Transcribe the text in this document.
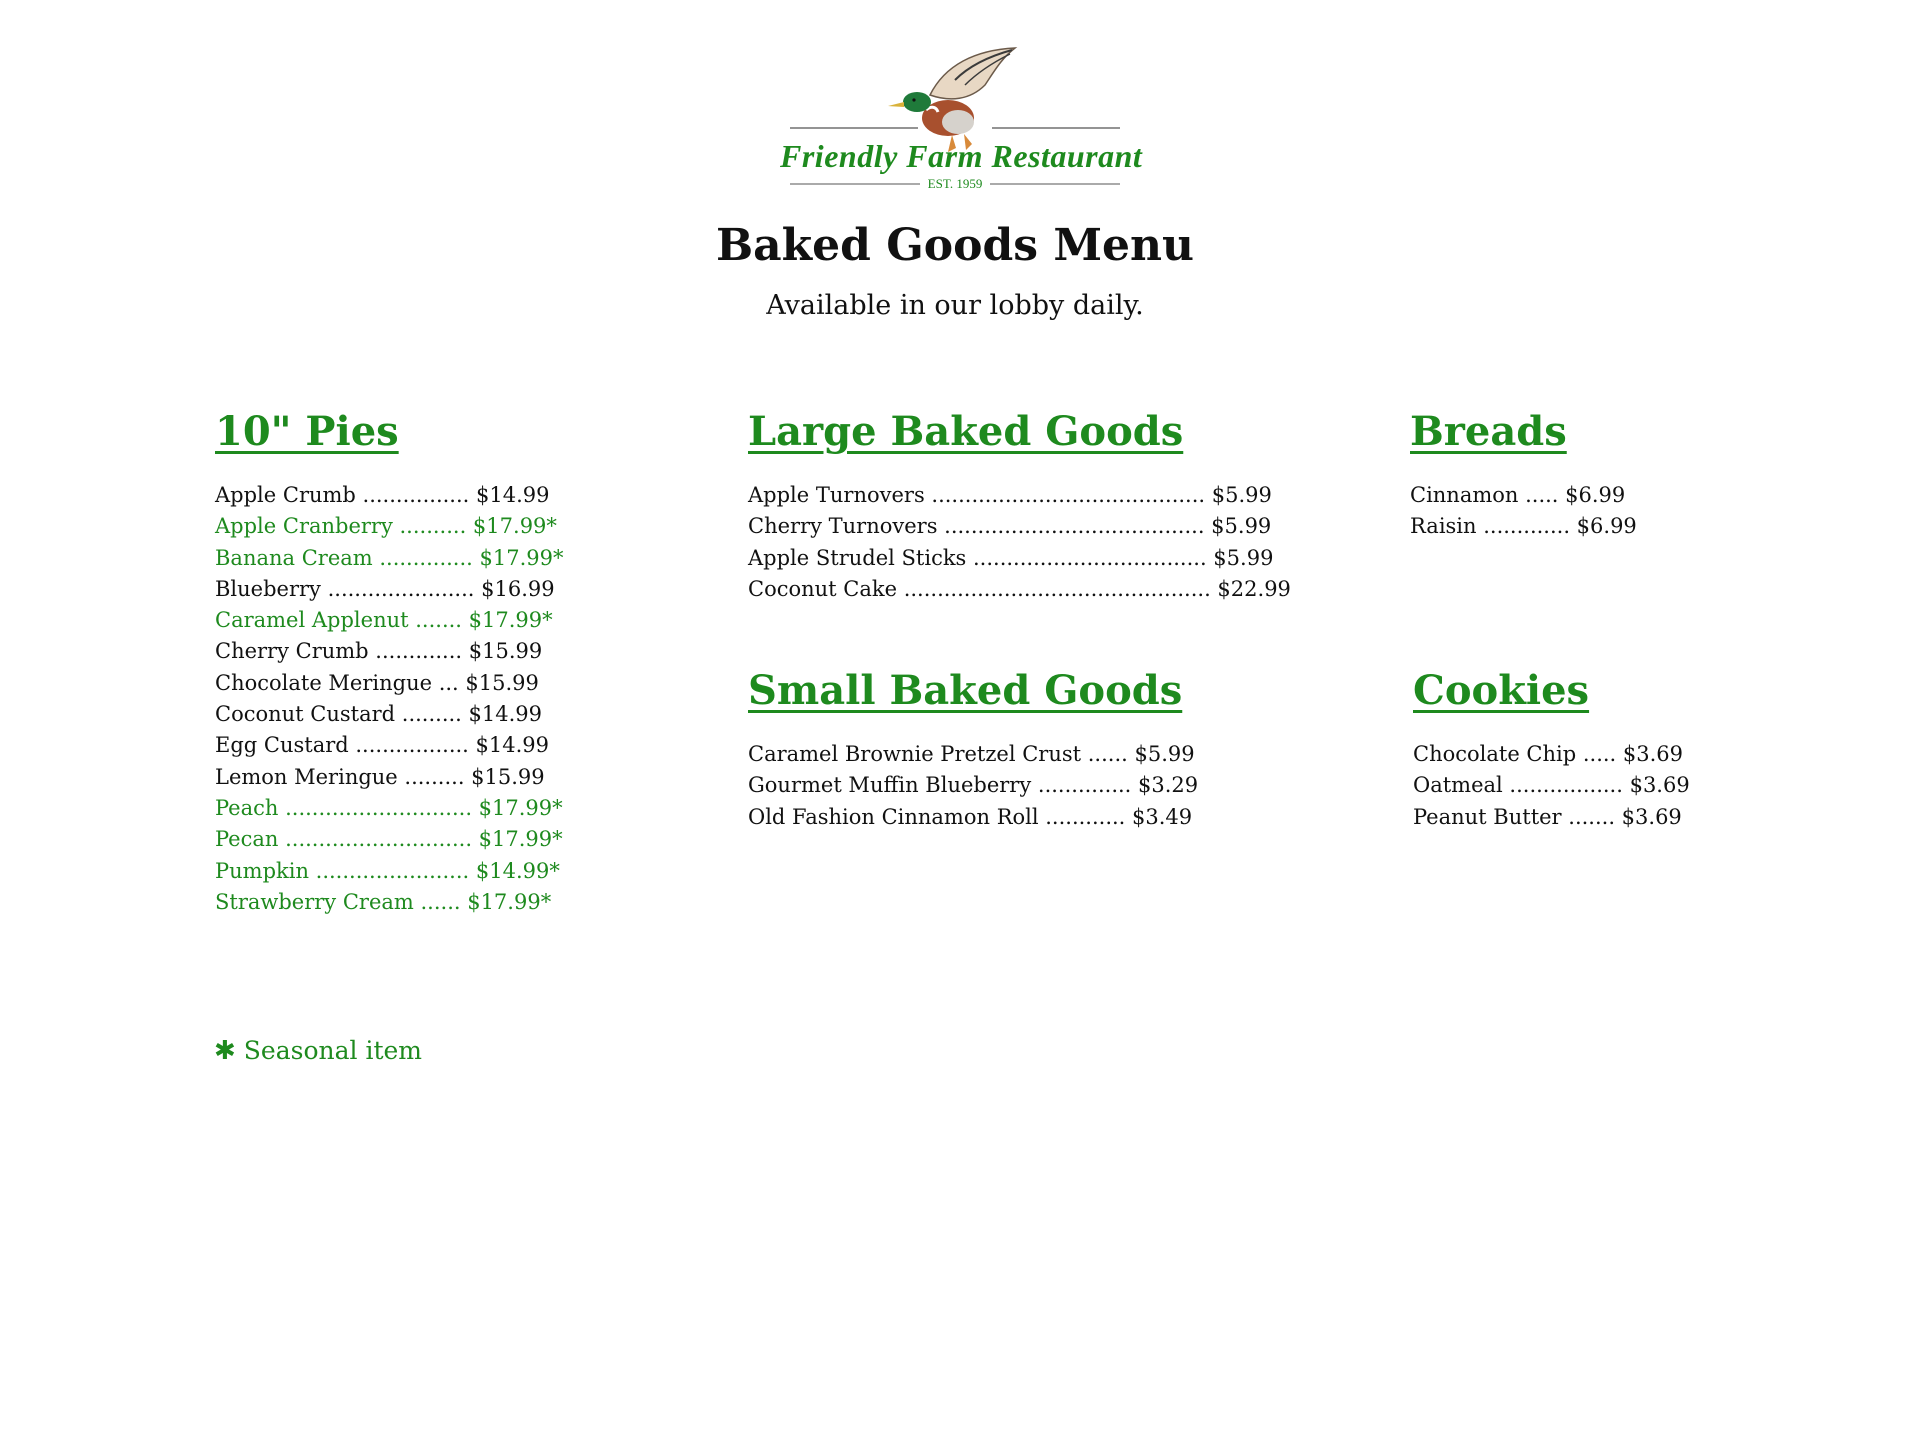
Friendly Farm Restaurant
EST. 1959
Baked Goods Menu
Available in our lobby daily.
10" Pies
Apple Crumb ................ $14.99
Apple Cranberry .......... $17.99*
Banana Cream .............. $17.99*
Blueberry ...................... $16.99
Caramel Applenut ....... $17.99*
Cherry Crumb ............. $15.99
Chocolate Meringue ... $15.99
Coconut Custard ......... $14.99
Egg Custard ................. $14.99
Lemon Meringue ......... $15.99
Peach ............................ $17.99*
Pecan ............................ $17.99*
Pumpkin ....................... $14.99*
Strawberry Cream ...... $17.99*
Large Baked Goods
Apple Turnovers ......................................... $5.99
Cherry Turnovers ....................................... $5.99
Apple Strudel Sticks ................................... $5.99
Coconut Cake .............................................. $22.99
Breads
Cinnamon ..... $6.99
Raisin ............. $6.99
Small Baked Goods
Caramel Brownie Pretzel Crust ...... $5.99
Gourmet Muffin Blueberry .............. $3.29
Old Fashion Cinnamon Roll ............ $3.49
Cookies
Chocolate Chip ..... $3.69
Oatmeal ................. $3.69
Peanut Butter ....... $3.69
✱ Seasonal item
